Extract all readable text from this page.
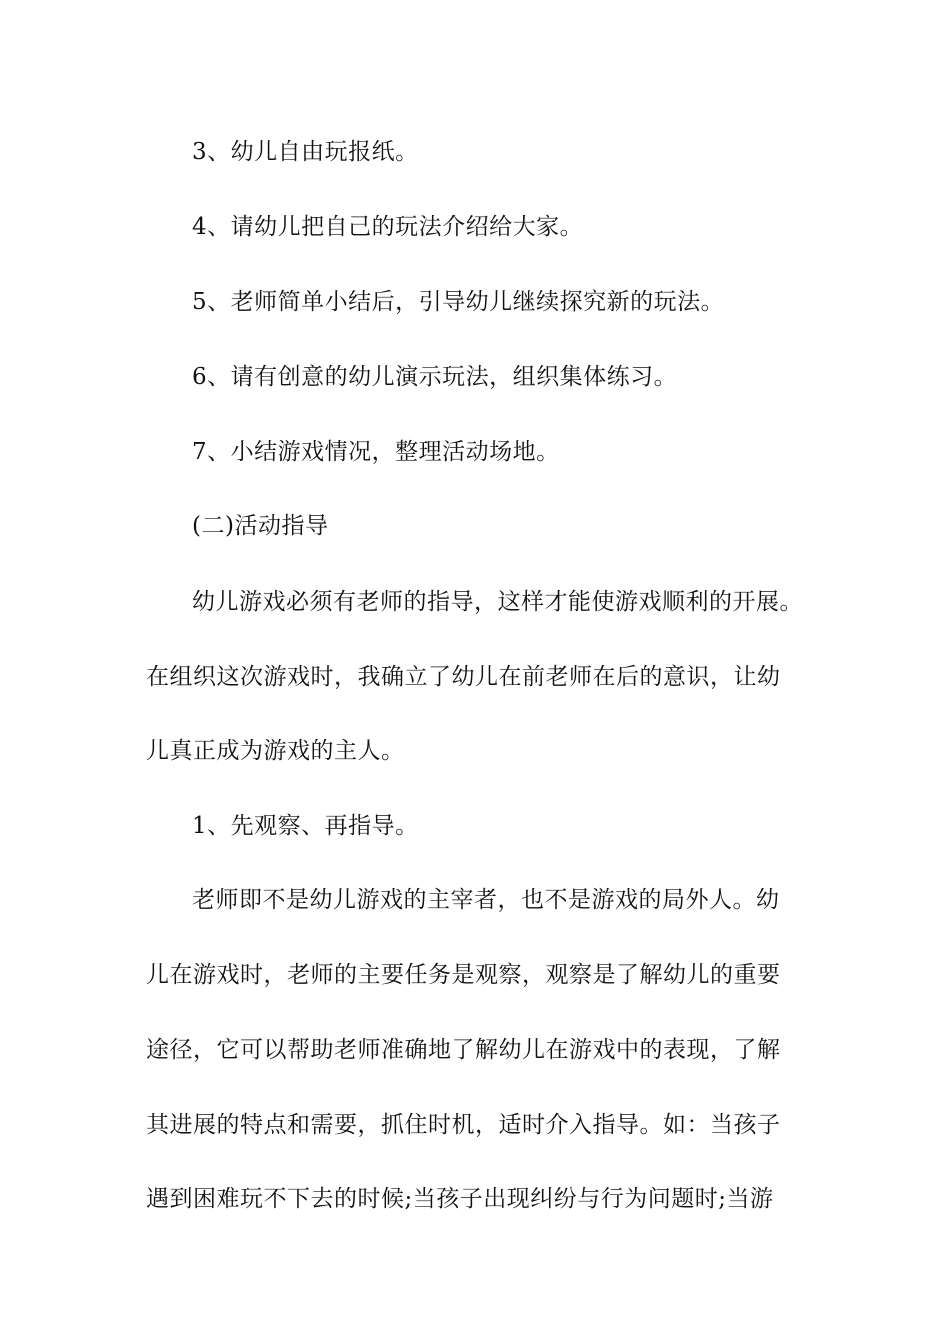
3、幼儿自由玩报纸。
4、请幼儿把自己的玩法介绍给大家。
5、老师简单小结后，引导幼儿继续探究新的玩法。
6、请有创意的幼儿演示玩法，组织集体练习。
7、小结游戏情况，整理活动场地。
(二)活动指导
幼儿游戏必须有老师的指导，这样才能使游戏顺利的开展。
在组织这次游戏时，我确立了幼儿在前老师在后的意识，让幼
儿真正成为游戏的主人。
1、先观察、再指导。
老师即不是幼儿游戏的主宰者，也不是游戏的局外人。幼
儿在游戏时，老师的主要任务是观察，观察是了解幼儿的重要
途径，它可以帮助老师准确地了解幼儿在游戏中的表现，了解
其进展的特点和需要，抓住时机，适时介入指导。如：当孩子
遇到困难玩不下去的时候;当孩子出现纠纷与行为问题时;当游
